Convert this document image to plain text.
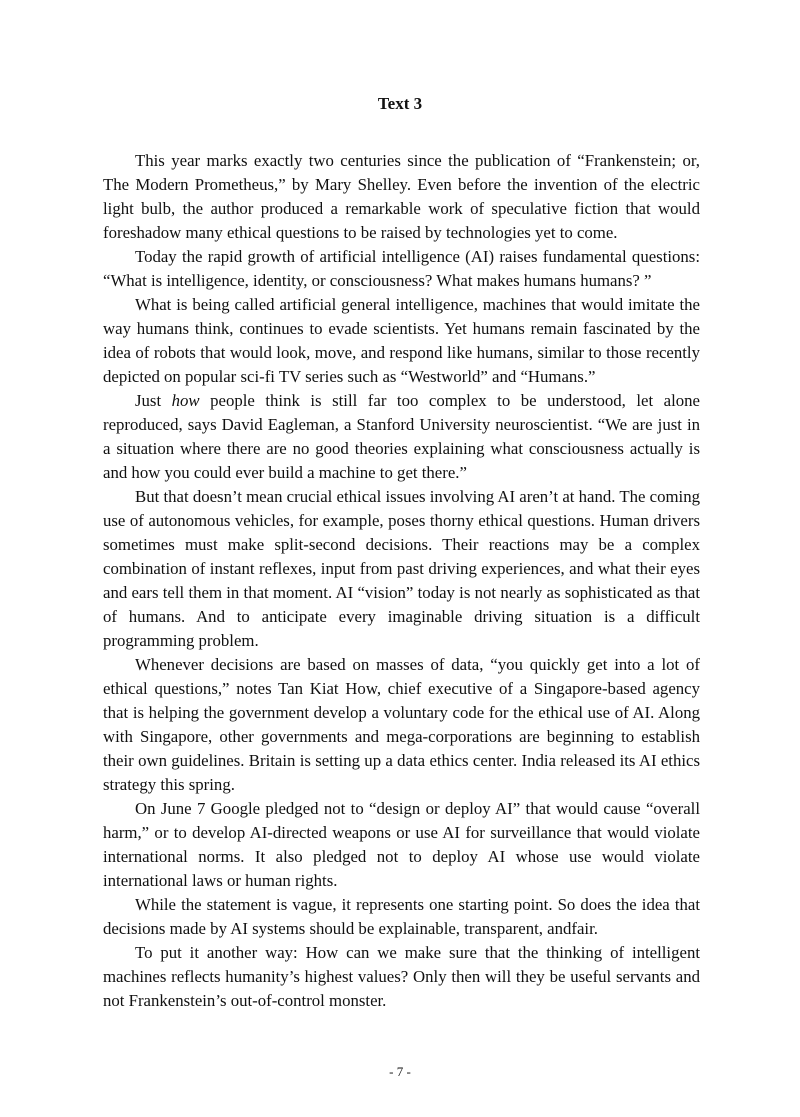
Text 3

This year marks exactly two centuries since the publication of “Frankenstein; or, The Modern Prometheus,” by Mary Shelley. Even before the invention of the electric light bulb, the author produced a remarkable work of speculative fiction that would foreshadow many ethical questions to be raised by technologies yet to come.

Today the rapid growth of artificial intelligence (AI) raises fundamental questions: “What is intelligence, identity, or consciousness? What makes humans humans? ”

What is being called artificial general intelligence, machines that would imitate the way humans think, continues to evade scientists. Yet humans remain fascinated by the idea of robots that would look, move, and respond like humans, similar to those recently depicted on popular sci-fi TV series such as “Westworld” and “Humans.”

Just how people think is still far too complex to be understood, let alone reproduced, says David Eagleman, a Stanford University neuroscientist. “We are just in a situation where there are no good theories explaining what consciousness actually is and how you could ever build a machine to get there.”

But that doesn’t mean crucial ethical issues involving AI aren’t at hand. The coming use of autonomous vehicles, for example, poses thorny ethical questions. Human drivers sometimes must make split-second decisions. Their reactions may be a complex combination of instant reflexes, input from past driving experiences, and what their eyes and ears tell them in that moment. AI “vision” today is not nearly as sophisticated as that of humans. And to anticipate every imaginable driving situation is a difficult programming problem.

Whenever decisions are based on masses of data, “you quickly get into a lot of ethical questions,” notes Tan Kiat How, chief executive of a Singapore-based agency that is helping the government develop a voluntary code for the ethical use of AI. Along with Singapore, other governments and mega-corporations are beginning to establish their own guidelines. Britain is setting up a data ethics center. India released its AI ethics strategy this spring.

On June 7 Google pledged not to “design or deploy AI” that would cause “overall harm,” or to develop AI-directed weapons or use AI for surveillance that would violate international norms. It also pledged not to deploy AI whose use would violate international laws or human rights.

While the statement is vague, it represents one starting point. So does the idea that decisions made by AI systems should be explainable, transparent, andfair.

To put it another way: How can we make sure that the thinking of intelligent machines reflects humanity’s highest values? Only then will they be useful servants and not Frankenstein’s out-of-control monster.

- 7 -
